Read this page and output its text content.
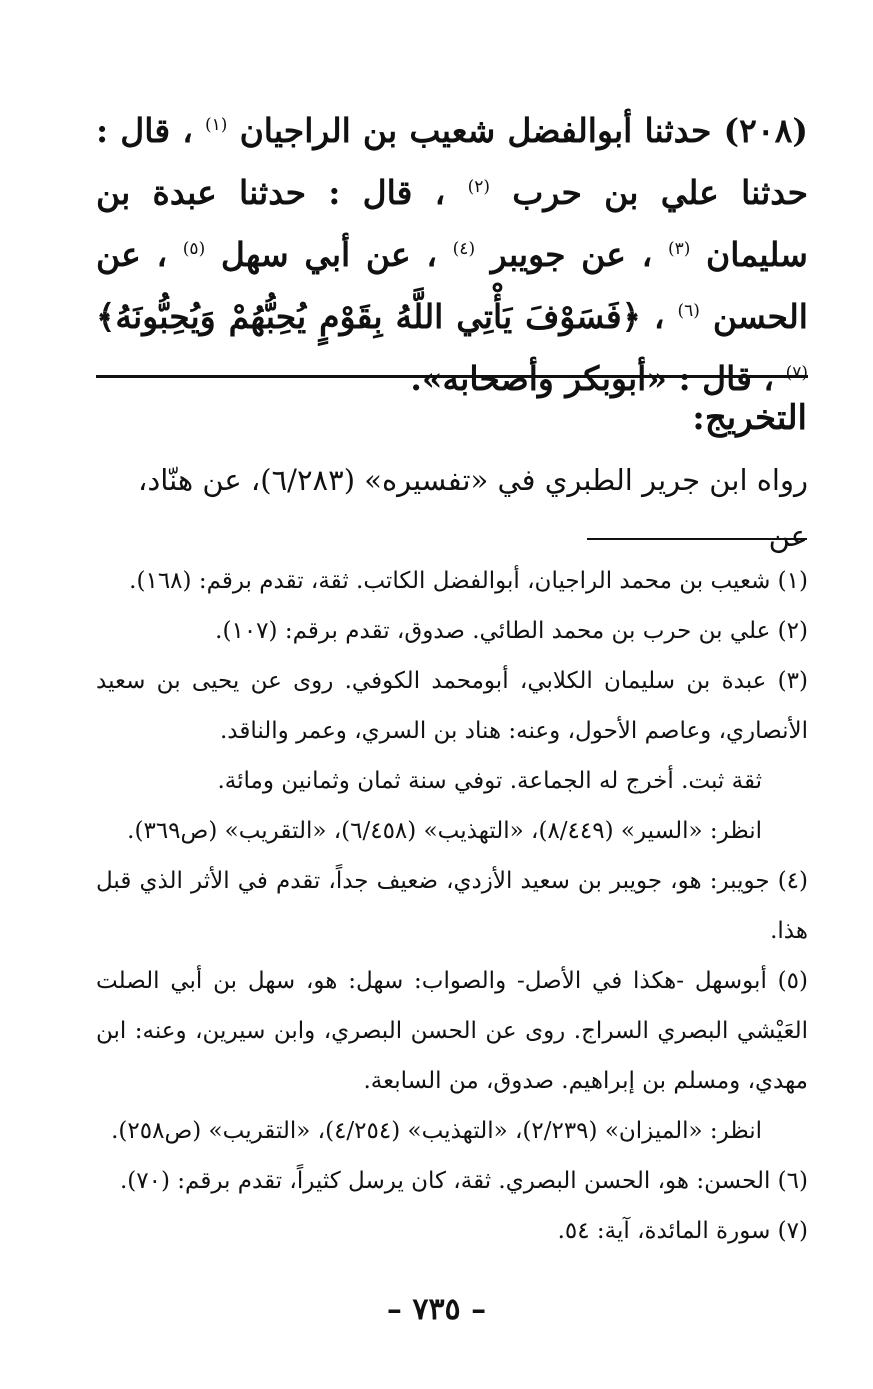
(٢٠٨) حدثنا أبوالفضل شعيب بن الراجيان $^{(١)}$ ، قال : حدثنا علي بن حرب $^{(٢)}$ ، قال : حدثنا عبدة بن سليمان $^{(٣)}$ ، عن جويبر $^{(٤)}$ ، عن أبي سهل $^{(٥)}$ ، عن الحسن $^{(٦)}$ ، ﴿فَسَوْفَ يَأْتِي اللَّهُ بِقَوْمٍ يُحِبُّهُمْ وَيُحِبُّونَهُ﴾ $^{(٧)}$ ، قال : «أبوبكر وأصحابه».

التخريج:
رواه ابن جرير الطبري في «تفسيره» (٦/٢٨٣)، عن هنّاد، عن
(١) شعيب بن محمد الراجيان، أبوالفضل الكاتب. ثقة، تقدم برقم: (١٦٨).
(٢) علي بن حرب بن محمد الطائي. صدوق، تقدم برقم: (١٠٧).
(٣) عبدة بن سليمان الكلابي، أبومحمد الكوفي. روى عن يحيى بن سعيد الأنصاري، وعاصم الأحول، وعنه: هناد بن السري، وعمر والناقد.
ثقة ثبت. أخرج له الجماعة. توفي سنة ثمان وثمانين ومائة.
انظر: «السير» (٨/٤٤٩)، «التهذيب» (٦/٤٥٨)، «التقريب» (ص٣٦٩).
(٤) جويبر: هو، جويبر بن سعيد الأزدي، ضعيف جداً، تقدم في الأثر الذي قبل هذا.
(٥) أبوسهل -هكذا في الأصل- والصواب: سهل: هو، سهل بن أبي الصلت العَيْشي البصري السراج. روى عن الحسن البصري، وابن سيرين، وعنه: ابن مهدي، ومسلم بن إبراهيم. صدوق، من السابعة.
انظر: «الميزان» (٢/٢٣٩)، «التهذيب» (٤/٢٥٤)، «التقريب» (ص٢٥٨).
(٦) الحسن: هو، الحسن البصري. ثقة، كان يرسل كثيراً، تقدم برقم: (٧٠).
(٧) سورة المائدة، آية: ٥٤.
– ٧٣٥ –
